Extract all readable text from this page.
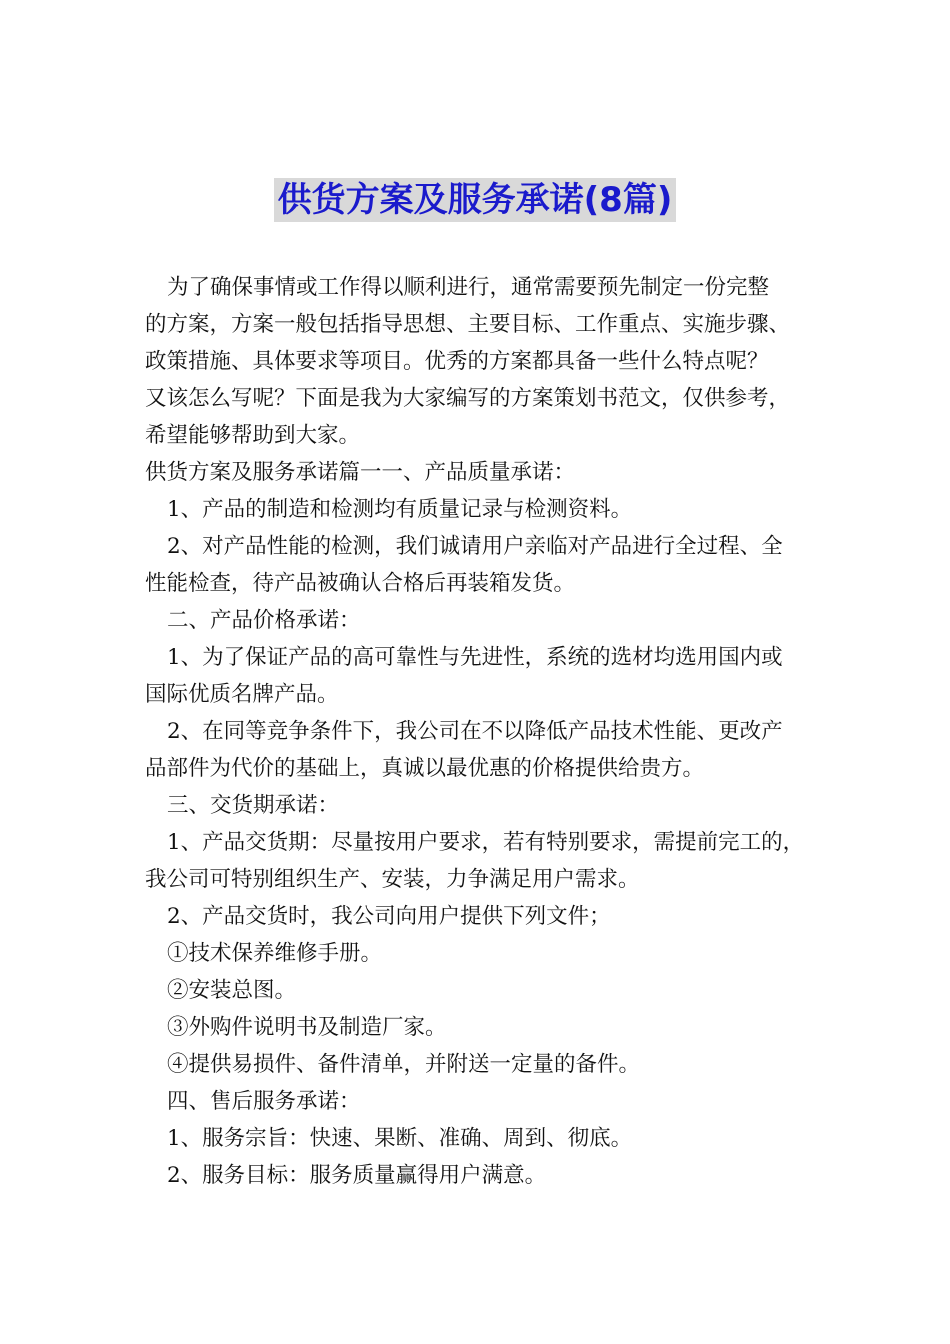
供货方案及服务承诺(8篇)
为了确保事情或工作得以顺利进行，通常需要预先制定一份完整
的方案，方案一般包括指导思想、主要目标、工作重点、实施步骤、
政策措施、具体要求等项目。优秀的方案都具备一些什么特点呢？
又该怎么写呢？下面是我为大家编写的方案策划书范文，仅供参考，
希望能够帮助到大家。
供货方案及服务承诺篇一一、产品质量承诺：
1、产品的制造和检测均有质量记录与检测资料。
2、对产品性能的检测，我们诚请用户亲临对产品进行全过程、全
性能检查，待产品被确认合格后再装箱发货。
二、产品价格承诺：
1、为了保证产品的高可靠性与先进性，系统的选材均选用国内或
国际优质名牌产品。
2、在同等竞争条件下，我公司在不以降低产品技术性能、更改产
品部件为代价的基础上，真诚以最优惠的价格提供给贵方。
三、交货期承诺：
1、产品交货期：尽量按用户要求，若有特别要求，需提前完工的，
我公司可特别组织生产、安装，力争满足用户需求。
2、产品交货时，我公司向用户提供下列文件；
①技术保养维修手册。
②安装总图。
③外购件说明书及制造厂家。
④提供易损件、备件清单，并附送一定量的备件。
四、售后服务承诺：
1、服务宗旨：快速、果断、准确、周到、彻底。
2、服务目标：服务质量赢得用户满意。
